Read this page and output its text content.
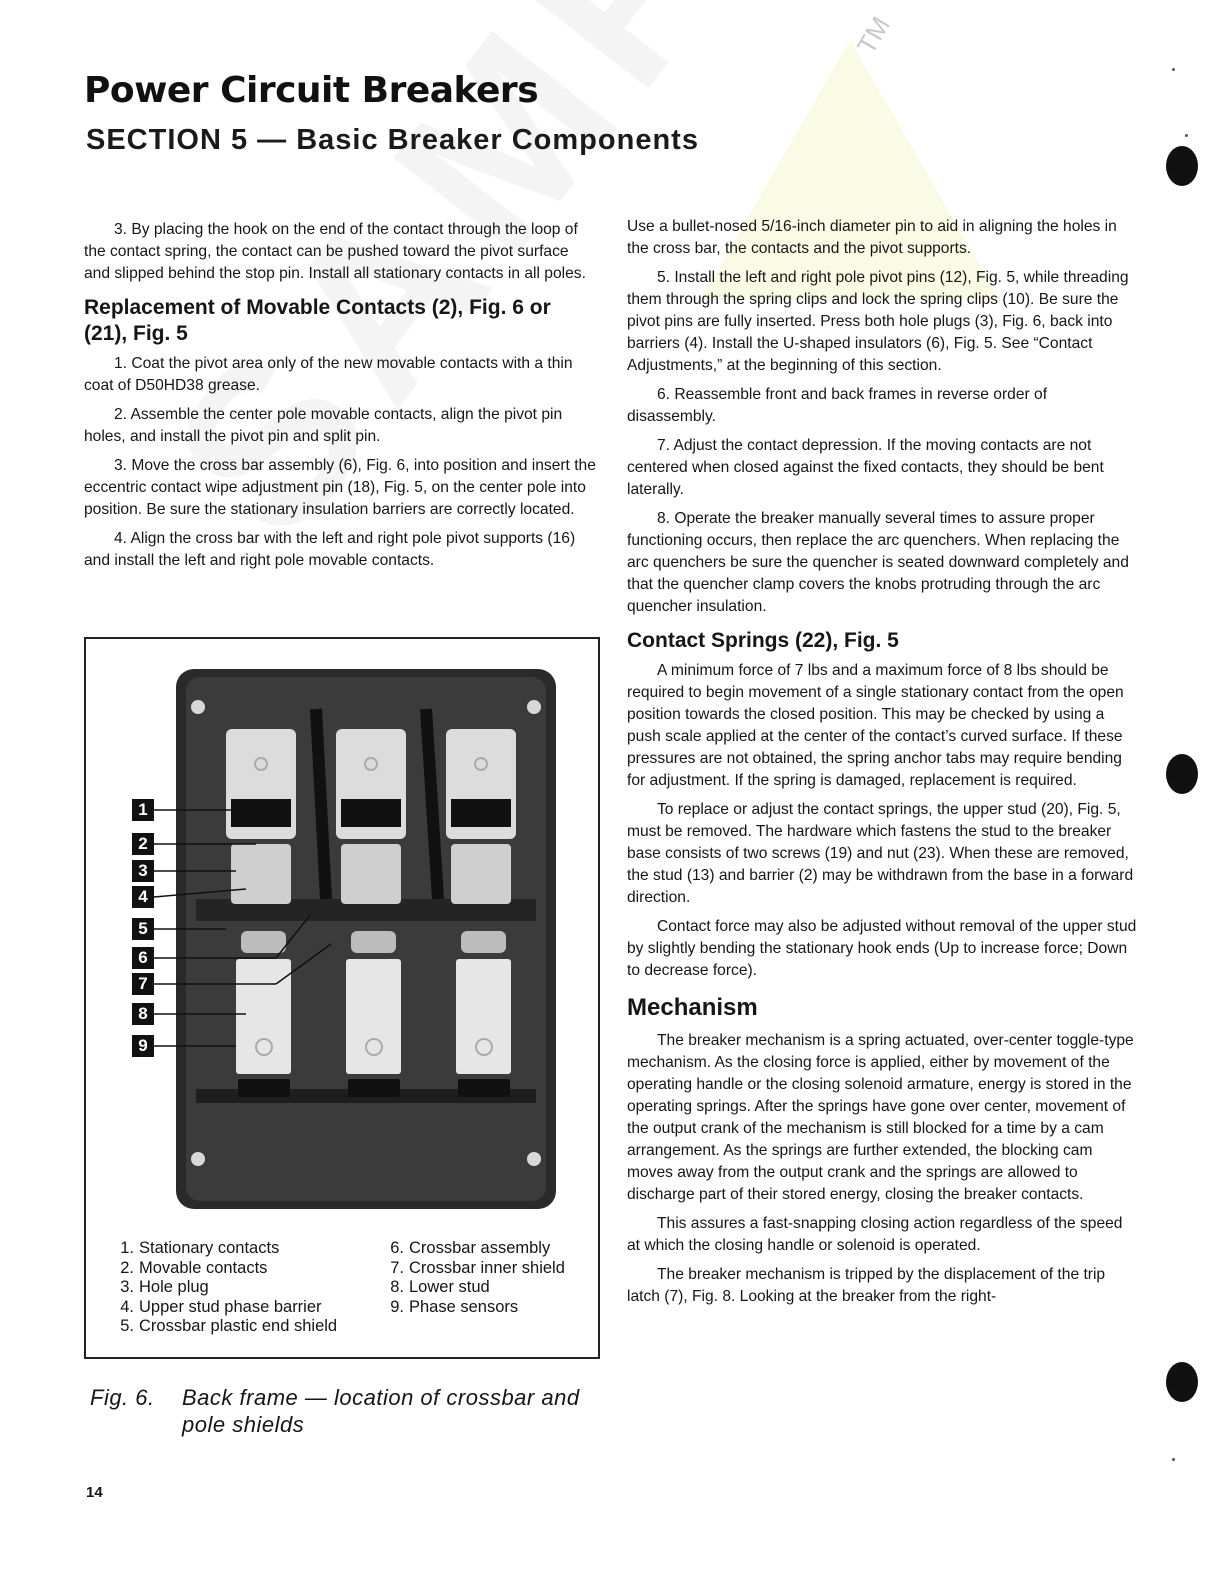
TM
Power Circuit Breakers
SECTION 5 — Basic Breaker Components

3. By placing the hook on the end of the contact through the loop of the contact spring, the contact can be pushed toward the pivot surface and slipped behind the stop pin. Install all stationary contacts in all poles.

Replacement of Movable Contacts (2), Fig. 6 or (21), Fig. 5

1. Coat the pivot area only of the new movable contacts with a thin coat of D50HD38 grease.

2. Assemble the center pole movable contacts, align the pivot pin holes, and install the pivot pin and split pin.

3. Move the cross bar assembly (6), Fig. 6, into position and insert the eccentric contact wipe adjustment pin (18), Fig. 5, on the center pole into position. Be sure the stationary insulation barriers are correctly located.

4. Align the cross bar with the left and right pole pivot supports (16) and install the left and right pole movable contacts.

1
2
3
4
5
6
7
8
9
1. Stationary contacts
2. Movable contacts
3. Hole plug
4. Upper stud phase barrier
5. Crossbar plastic end shield
6. Crossbar assembly
7. Crossbar inner shield
8. Lower stud
9. Phase sensors
Fig. 6. Back frame — location of crossbar and pole shields

Use a bullet-nosed 5/16-inch diameter pin to aid in aligning the holes in the cross bar, the contacts and the pivot supports.

5. Install the left and right pole pivot pins (12), Fig. 5, while threading them through the spring clips and lock the spring clips (10). Be sure the pivot pins are fully inserted. Press both hole plugs (3), Fig. 6, back into barriers (4). Install the U-shaped insulators (6), Fig. 5. See “Contact Adjustments,” at the beginning of this section.

6. Reassemble front and back frames in reverse order of disassembly.

7. Adjust the contact depression. If the moving contacts are not centered when closed against the fixed contacts, they should be bent laterally.

8. Operate the breaker manually several times to assure proper functioning occurs, then replace the arc quenchers. When replacing the arc quenchers be sure the quencher is seated downward completely and that the quencher clamp covers the knobs protruding through the arc quencher insulation.

Contact Springs (22), Fig. 5

A minimum force of 7 lbs and a maximum force of 8 lbs should be required to begin movement of a single stationary contact from the open position towards the closed position. This may be checked by using a push scale applied at the center of the contact’s curved surface. If these pressures are not obtained, the spring anchor tabs may require bending for adjustment. If the spring is damaged, replacement is required.

To replace or adjust the contact springs, the upper stud (20), Fig. 5, must be removed. The hardware which fastens the stud to the breaker base consists of two screws (19) and nut (23). When these are removed, the stud (13) and barrier (2) may be withdrawn from the base in a forward direction.

Contact force may also be adjusted without removal of the upper stud by slightly bending the stationary hook ends (Up to increase force; Down to decrease force).

Mechanism

The breaker mechanism is a spring actuated, over-center toggle-type mechanism. As the closing force is applied, either by movement of the operating handle or the closing solenoid armature, energy is stored in the operating springs. After the springs have gone over center, movement of the output crank of the mechanism is still blocked for a time by a cam arrangement. As the springs are further extended, the blocking cam moves away from the output crank and the springs are allowed to discharge part of their stored energy, closing the breaker contacts.

This assures a fast-snapping closing action regardless of the speed at which the closing handle or solenoid is operated.

The breaker mechanism is tripped by the displacement of the trip latch (7), Fig. 8. Looking at the breaker from the right-

14
